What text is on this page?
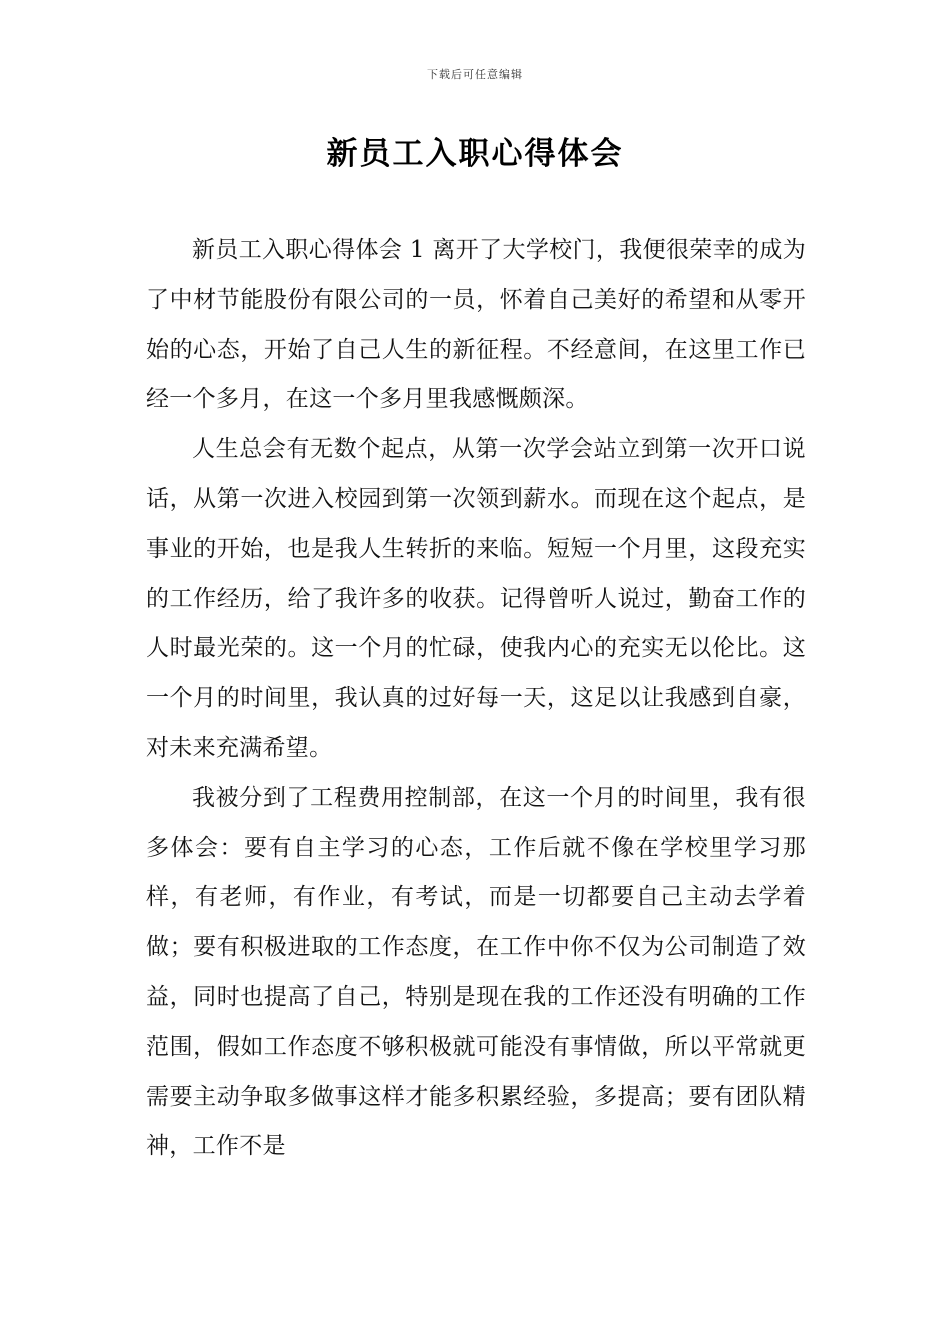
下载后可任意编辑
新员工入职心得体会

新员工入职心得体会 1 离开了大学校门，我便很荣幸的成为了中材节能股份有限公司的一员，怀着自己美好的希望和从零开始的心态，开始了自己人生的新征程。不经意间，在这里工作已经一个多月，在这一个多月里我感慨颇深。

人生总会有无数个起点，从第一次学会站立到第一次开口说话，从第一次进入校园到第一次领到薪水。而现在这个起点，是事业的开始，也是我人生转折的来临。短短一个月里，这段充实的工作经历，给了我许多的收获。记得曾听人说过，勤奋工作的人时最光荣的。这一个月的忙碌，使我内心的充实无以伦比。这一个月的时间里，我认真的过好每一天，这足以让我感到自豪，对未来充满希望。

我被分到了工程费用控制部，在这一个月的时间里，我有很多体会：要有自主学习的心态，工作后就不像在学校里学习那样，有老师，有作业，有考试，而是一切都要自己主动去学着做；要有积极进取的工作态度，在工作中你不仅为公司制造了效益，同时也提高了自己，特别是现在我的工作还没有明确的工作范围，假如工作态度不够积极就可能没有事情做，所以平常就更需要主动争取多做事这样才能多积累经验，多提高；要有团队精神，工作不是
